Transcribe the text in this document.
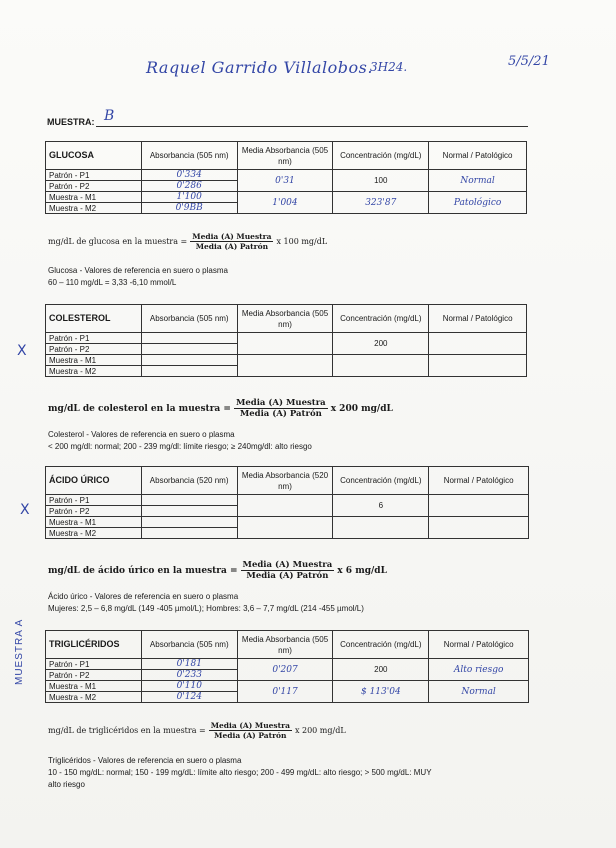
Raquel Garrido Villalobos.
3H24.	5/5/21
MUESTRA: B
GLUCOSA	Absorbancia (505 nm)	Media Absorbancia (505 nm)	Concentración (mg/dL)	Normal / Patológico
Patrón - P1	0'334	0'31	100	Normal
Patrón - P2	0'286			
Muestra - M1	1'100	1'004	323'87	Patológico
Muestra - M2	0'9BB			
mg/dL de glucosa en la muestra = $\frac{\text{Media (A) Muestra}}{\text{Media (A) Patrón}}$ x 100 mg/dL
Glucosa - Valores de referencia en suero o plasma
60 – 110 mg/dL = 3,33 -6,10 mmol/L
X
COLESTEROL	Absorbancia (505 nm)	Media Absorbancia (505 nm)	Concentración (mg/dL)	Normal / Patológico
Patrón - P1			200	
Patrón - P2				
Muestra - M1				
Muestra - M2				
mg/dL de colesterol en la muestra = $\frac{\text{Media (A) Muestra}}{\text{Media (A) Patrón}}$ x 200 mg/dL
Colesterol - Valores de referencia en suero o plasma
< 200 mg/dl: normal; 200 - 239 mg/dl: límite riesgo; ≥ 240mg/dl: alto riesgo
X
ÁCIDO ÚRICO	Absorbancia (520 nm)	Media Absorbancia (520 nm)	Concentración (mg/dL)	Normal / Patológico
Patrón - P1			6	
Patrón - P2				
Muestra - M1				
Muestra - M2				
mg/dL de ácido úrico en la muestra = $\frac{\text{Media (A) Muestra}}{\text{Media (A) Patrón}}$ x 6 mg/dL
Ácido úrico - Valores de referencia en suero o plasma
Mujeres: 2,5 – 6,8 mg/dL (149 -405 µmol/L); Hombres: 3,6 – 7,7 mg/dL (214 -455 µmol/L)
MUESTRA A	TRIGLICÉRIDOS	Absorbancia (505 nm)	Media Absorbancia (505 nm)	Concentración (mg/dL)	Normal / Patológico
Patrón - P1	0'181	0'207	200	Alto riesgo
Patrón - P2	0'233			
Muestra - M1	0'110	0'117	$ 113'04	Normal
Muestra - M2	0'124			
mg/dL de triglicéridos en la muestra = $\frac{\text{Media (A) Muestra}}{\text{Media (A) Patrón}}$ x 200 mg/dL
Triglicéridos - Valores de referencia en suero o plasma
10 - 150 mg/dL: normal; 150 - 199 mg/dL: límite alto riesgo; 200 - 499 mg/dL: alto riesgo; > 500 mg/dL: MUY
alto riesgo
